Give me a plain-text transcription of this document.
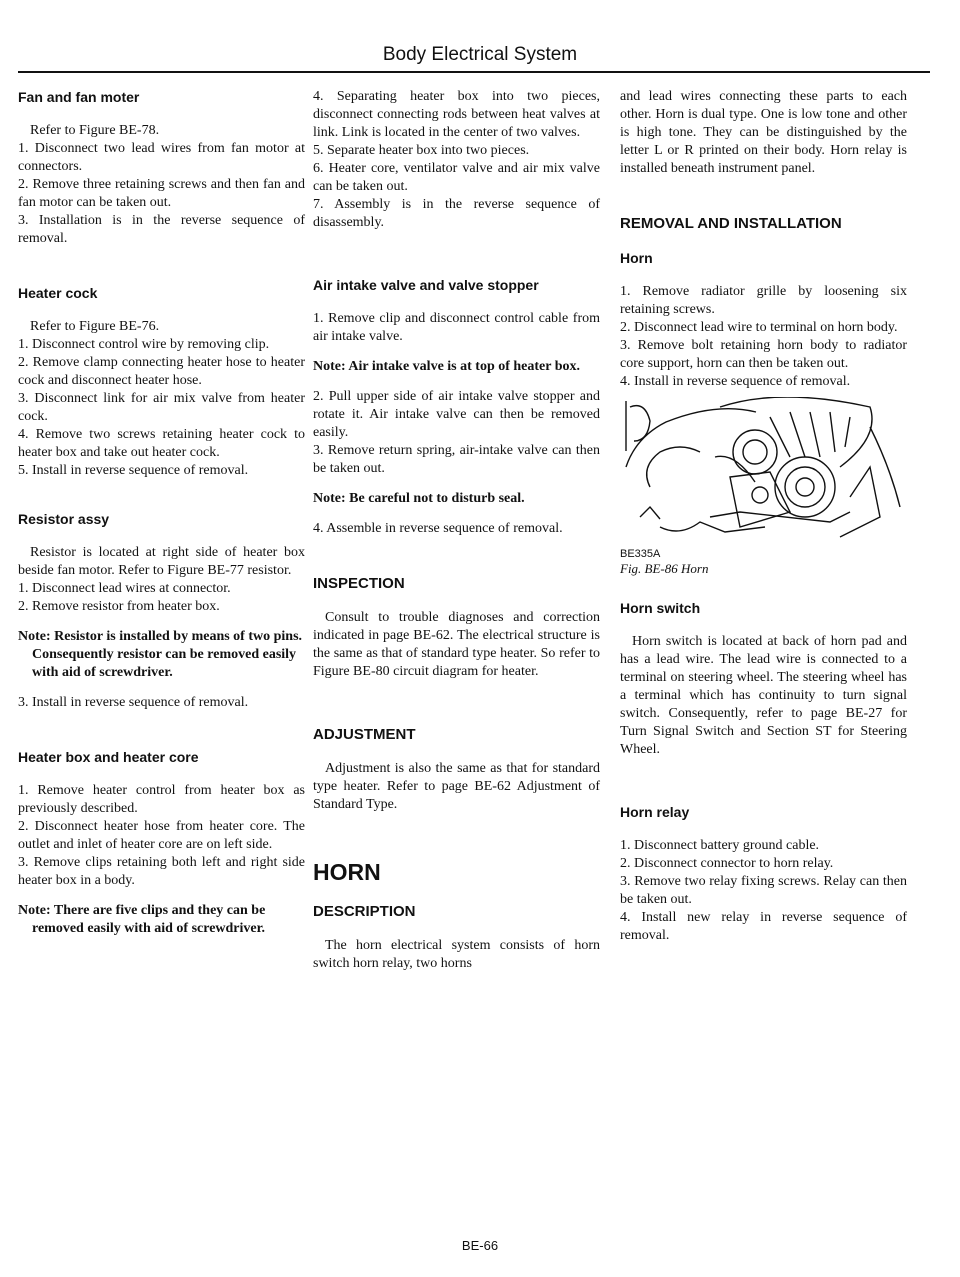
Body Electrical System

Fan and fan moter

Refer to Figure BE-78.

1. Disconnect two lead wires from fan motor at connectors.

2. Remove three retaining screws and then fan and fan motor can be taken out.

3. Installation is in the reverse sequence of removal.

Heater cock

Refer to Figure BE-76.

1. Disconnect control wire by removing clip.

2. Remove clamp connecting heater hose to heater cock and disconnect heater hose.

3. Disconnect link for air mix valve from heater cock.

4. Remove two screws retaining heater cock to heater box and take out heater cock.

5. Install in reverse sequence of removal.

Resistor assy

Resistor is located at right side of heater box beside fan motor. Refer to Figure BE-77 resistor.

1. Disconnect lead wires at connector.

2. Remove resistor from heater box.

Note: Resistor is installed by means of two pins. Consequently resistor can be removed easily with aid of screwdriver.

3. Install in reverse sequence of removal.

Heater box and heater core

1. Remove heater control from heater box as previously described.

2. Disconnect heater hose from heater core. The outlet and inlet of heater core are on left side.

3. Remove clips retaining both left and right side heater box in a body.

Note: There are five clips and they can be removed easily with aid of screwdriver.

4. Separating heater box into two pieces, disconnect connecting rods between heat valves at link. Link is located in the center of two valves.

5. Separate heater box into two pieces.

6. Heater core, ventilator valve and air mix valve can be taken out.

7. Assembly is in the reverse sequence of disassembly.

Air intake valve and valve stopper

1. Remove clip and disconnect control cable from air intake valve.

Note: Air intake valve is at top of heater box.

2. Pull upper side of air intake valve stopper and rotate it. Air intake valve can then be removed easily.

3. Remove return spring, air-intake valve can then be taken out.

Note: Be careful not to disturb seal.

4. Assemble in reverse sequence of removal.

INSPECTION

Consult to trouble diagnoses and correction indicated in page BE-62. The electrical structure is the same as that of standard type heater. So refer to Figure BE-80 circuit diagram for heater.

ADJUSTMENT

Adjustment is also the same as that for standard type heater. Refer to page BE-62 Adjustment of Standard Type.

HORN

DESCRIPTION

The horn electrical system consists of horn switch horn relay, two horns

and lead wires connecting these parts to each other. Horn is dual type. One is low tone and other is high tone. They can be distinguished by the letter L or R printed on their body. Horn relay is installed beneath instrument panel.

REMOVAL AND INSTALLATION

Horn

1. Remove radiator grille by loosening six retaining screws.

2. Disconnect lead wire to terminal on horn body.

3. Remove bolt retaining horn body to radiator core support, horn can then be taken out.

4. Install in reverse sequence of removal.

BE335A

Fig. BE-86 Horn

Horn switch

Horn switch is located at back of horn pad and has a lead wire. The lead wire is connected to a terminal on steering wheel. The steering wheel has a terminal which has continuity to turn signal switch. Consequently, refer to page BE-27 for Turn Signal Switch and Section ST for Steering Wheel.

Horn relay

1. Disconnect battery ground cable.

2. Disconnect connector to horn relay.

3. Remove two relay fixing screws. Relay can then be taken out.

4. Install new relay in reverse sequence of removal.

BE-66
